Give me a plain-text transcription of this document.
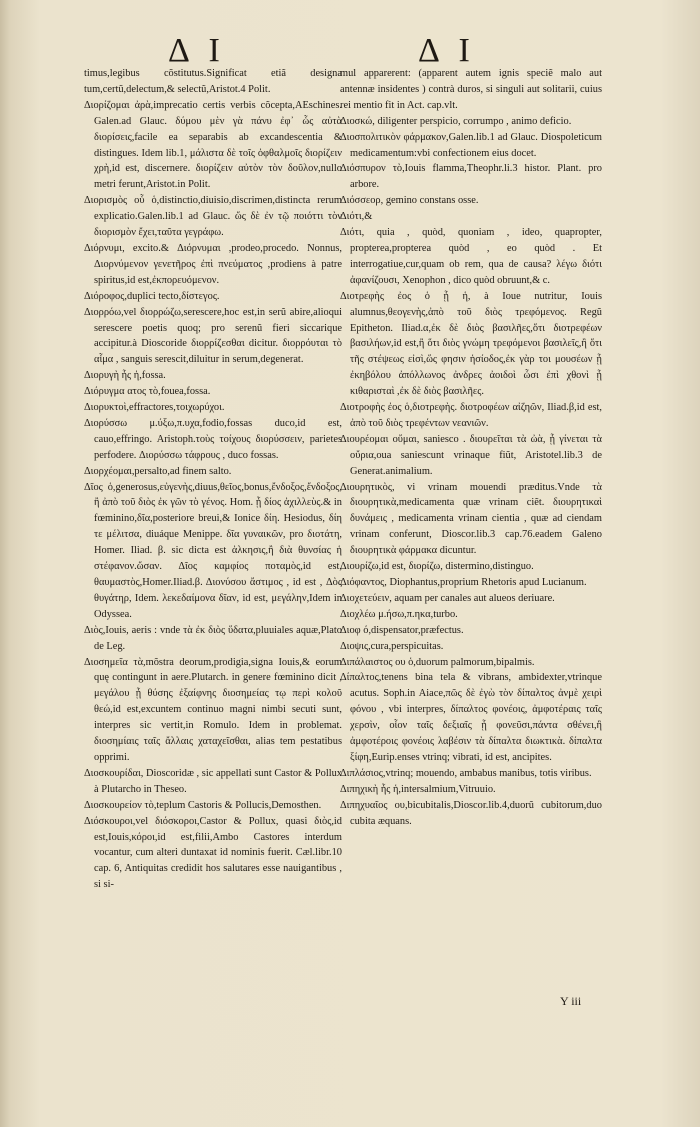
Δ Ι	Δ Ι

timus,legibus cõstitutus.Significat etiã designa tum,certũ,delectum,& selectũ,Aristot.4 Polit.

Διορίζομαι ἀρὰ,imprecatio certis verbis cõcepta,AEschines. Galen.ad Glauc. δύμου μὲν γὰ πάνυ ἐφ᾽ ὧς αὐτὰ διορίσεις,facile ea separabis ab excandescentia & distingues. Idem lib.1, μάλιστα δὲ τοῖς ὀφθαλμοῖς διορίζειν χρὴ,id est, discernere. διορίζειν αὐτὸν τὸν δοῦλον,nullo metri ferunt,Aristot.in Polit.

Διορισμὸς οὗ ὁ,distinctio,diuisio,discrimen,distincta rerum explicatio.Galen.lib.1 ad Glauc. ὥς δὲ ἐν τῷ ποιόττι τὸν διορισμὸν ἔχει,ταῦτα γεγράφω.

Διόρνυμι, excito.& Διόρνυμαι ,prodeo,procedo. Nonnus, Διορνύμενον γενετῆρος ἐπὶ πνεύματος ,prodiens à patre spiritus,id est,ἐκπορευόμενον.

Διόροφος,duplici tecto,δίστεγος.

Διορρόω,vel διορρώζω,serescere,hoc est,in serũ abire,alioqui serescere poetis quoq; pro serenũ fieri siccarique accipitur.à Dioscoride διορρίζεσθαι dicitur. διορρόυται τὸ αἷμα , sanguis serescit,diluitur in serum,degenerat.

Διορυγὴ ἧς ἡ,fossa.

Διόρυγμα ατος τὸ,fouea,fossa.

Διορυκτοὶ,effractores,τοιχωρύχοι.

Διορύσσω μ.ύξω,π.υχα,fodio,fossas duco,id est, cauo,effringo. Aristoph.τοὺς τοίχους διορύσσειν, parietes perfodere. Διορύσσω τάφρους , duco fossas.

Διορχέομαι,persalto,ad finem salto.

Δῖος ὁ,generosus,εὐγενὴς,diuus,θεῖος,bonus,ἔνδοξος,ἔνδοξος, ἢ ἀπὸ τοῦ διὸς ἐκ γῶν τὸ γένος. Hom. ᾗ δίος ἀχιλλεὺς.& in fœminino,δῖα,posteriore breui,& Ionice δίη. Hesiodus, δίη τε μέλιτσα, diuáque Menippe. δῖα γυναικῶν, pro διοτάτη, Homer. Iliad. β. sic dicta est ἀλκησις,ἢ διὰ θυνσίας ἡ στέφανον.ὥσαν. Δῖος καμφίος ποταμὸς,id est, θαυμαστὸς,Homer.Iliad.β. Διονύσου ἄστιμος , id est , Δὸς θυγάτηρ, Idem. λεκεδαίμονα δῖαν, id est, μεγάλην,Idem in Odyssea.

Διὸς,Iouis, aeris : vnde τὰ ἐκ διὸς ὕδατα,pluuiales aquæ,Plato de Leg.

Διοσημεῖα τὰ,mõstra deorum,prodigia,signa Iouis,& eorum quę contingunt in aere.Plutarch. in genere fœminino dicit , μεγάλου ᾗ θύσης ἐξαίφνης διοσημείας τῳ περὶ κολοῦ θεώ,id est,excuntem continuo magni nimbi secuti sunt, interpres sic vertit,in Romulo. Idem in problemat. διοσημίαις ταῖς ἄλλαις χαταχεῖσθαι, alias tem pestatibus opprimi.

Διοσκουρίδαι, Dioscoridæ , sic appellati sunt Castor & Pollux à Plutarcho in Theseo.

Διοσκουρείον τὸ,teplum Castoris & Pollucis,Demosthen.

Διόσκουροι,vel διόσκοροι,Castor & Pollux, quasi διὸς,id est,Iouis,κόροι,id est,filii,Ambo Castores interdum vocantur, cum alteri duntaxat id nominis fuerit. Cæl.libr.10 cap. 6, Antiquitas credidit hos salutares esse nauigantibus , si si-

mul apparerent: (apparent autem ignis speciẽ malo aut antennæ insidentes ) contrà duros, si singuli aut solitarii, cuius rei mentio fit in Act. cap.vlt.

Διοσκώ, diligenter perspicio, corrumpo , animo deficio.

Διοσπολιτικὸν φάρμακον,Galen.lib.1 ad Glauc. Diospoleticum medicamentum:vbi confectionem eius docet.

Διόσπυρον τὸ,Iouis flamma,Theophr.li.3 histor. Plant. pro arbore.

Διόσσεορ, gemino constans osse.

Διότι,&

Διότι, quia , quòd, quoniam , ideo, quapropter, propterea,propterea quòd , eo quòd . Et interrogatiue,cur,quam ob rem, qua de causa? λέγω διότι ἀφανίζουσι, Xenophon , dico quòd obruunt,& c.

Διοτρεφὴς ἐος ὁ ᾗ ἡ, à Ioue nutritur, Iouis alumnus,θεογενὴς,ἀπὸ τοῦ διὸς τρεφόμενος. Regũ Epitheton. Iliad.α,ἐκ δὲ διὸς βασιλῆες,ὅτι διοτρεφέων βασιλήων,id est,ἢ ὅτι διὸς γνώμη τρεφόμενοι βασιλεῖς,ἢ ὅτι τῆς στέψεως εἰσὶ,ὥς φησιν ἡσίοδος,ἐκ γὰρ τοι μουσέων ᾗ ἐκηβόλου ἀπόλλωνος ἀνδρες ἀοιδοὶ ὦσι ἐπὶ χθονὶ ᾗ κιθαρισταὶ ,ἐκ δὲ διὸς βασιλῆες.

Διοτροφὴς ἐος ὁ,διοτρεφὴς. διοτροφέων αἰζηῶν, Iliad.β,id est, ἀπὸ τοῦ διὸς τρεφέντων νεανιῶν.

Διουρέομαι οὔμαι, saniesco . διουρεῖται τὰ ὠὰ, ᾗ γίνεται τὰ οὔρια,oua saniescunt vrinaque fiũt, Aristotel.lib.3 de Generat.animalium.

Διουρητικὸς, vi vrinam mouendi præditus.Vnde τὰ διουρητικὰ,medicamenta quæ vrinam ciẽt. διουρητικαὶ δυνάμεις , medicamenta vrinam cientia , quæ ad ciendam vrinam conferunt, Dioscor.lib.3 cap.76.eadem Galeno διουρητικὰ φάρμακα dicuntur.

Διουρίζω,id est, διορίζω, distermino,distinguo.

Διόφαντος, Diophantus,proprium Rhetoris apud Lucianum.

Διοχετεύειν, aquam per canales aut alueos deriuare.

Διοχλέω μ.ήσω,π.ηκα,turbo.

Διοφ ό,dispensator,præfectus.

Διοψις,cura,perspicuitas.

Διπάλαιστος ου ὁ,duorum palmorum,bipalmis.

Δίπαλτος,tenens bina tela & vibrans, ambidexter,vtrinque acutus. Soph.in Aiace,πῶς δὲ ἐγὼ τὸν δίπαλτος ἀνμὲ χειρὶ φόνου , vbi interpres, δίπαλτος φονέοις, ἀμφοτέραις ταῖς χερσὶν, οἷον ταῖς δεξιαῖς ᾗ φονεῦσι,πάντα σθένει,ἢ ἀμφοτέροις φονέοις λαβέσιν τὰ δίπαλτα διωκτικὰ. δίπαλτα ξίφη,Eurip.enses vtrinq; vibrati, id est, ancipites.

Διπλάσιος,vtrinq; mouendo, ambabus manibus, totis viribus.

Διπηχικὴ ἧς ἡ,intersalmium,Vitruuio.

Διπηχυαῖος ου,bicubitalis,Dioscor.lib.4,duorũ cubitorum,duo cubita æquans.

Y iii
